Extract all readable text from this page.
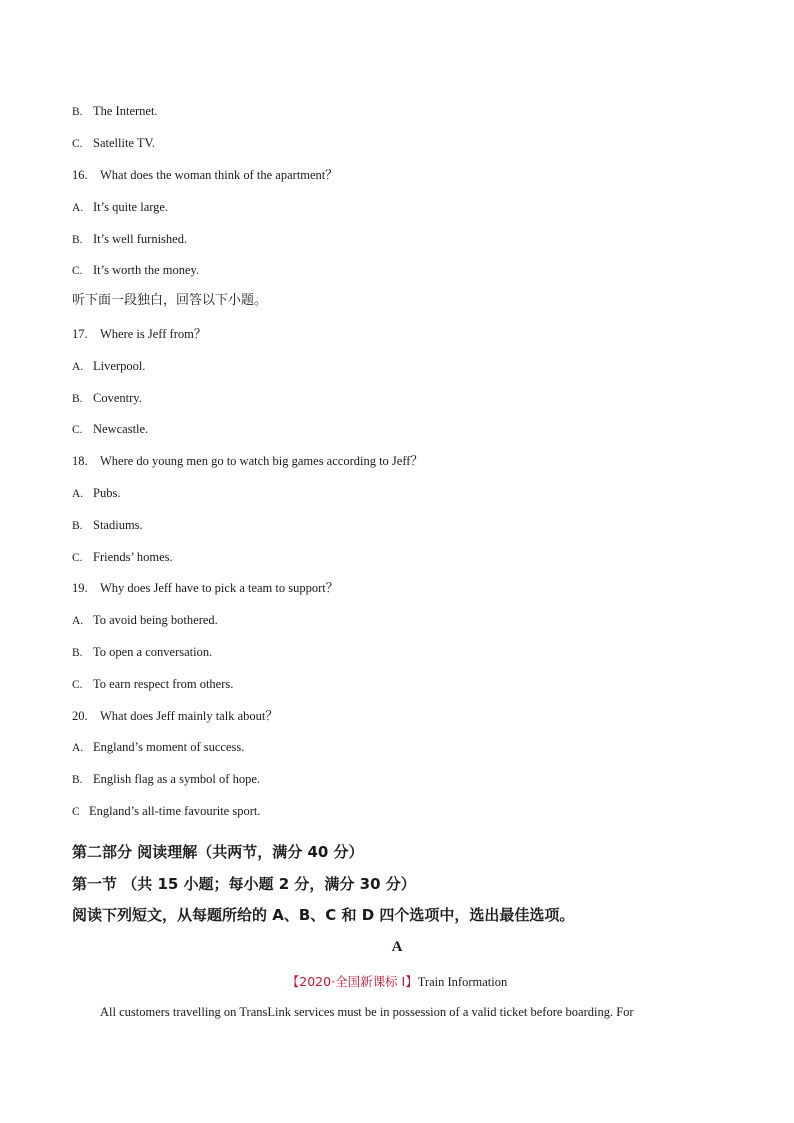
B. The Internet.
C. Satellite TV.
16. What does the woman think of the apartment？
A. It’s quite large.
B. It’s well furnished.
C. It’s worth the money.
听下面一段独白，回答以下小题。
17. Where is Jeff from？
A. Liverpool.
B. Coventry.
C. Newcastle.
18. Where do young men go to watch big games according to Jeff？
A. Pubs.
B. Stadiums.
C. Friends’ homes.
19. Why does Jeff have to pick a team to support？
A. To avoid being bothered.
B. To open a conversation.
C. To earn respect from others.
20. What does Jeff mainly talk about？
A. England’s moment of success.
B. English flag as a symbol of hope.
C England’s all-time favourite sport.
第二部分 阅读理解（共两节，满分 40 分）
第一节 （共 15 小题；每小题 2 分，满分 30 分）
阅读下列短文，从每题所给的 A、B、C 和 D 四个选项中，选出最佳选项。
A
【2020·全国新课标 I】Train Information
All customers travelling on TransLink services must be in possession of a valid ticket before boarding. For
